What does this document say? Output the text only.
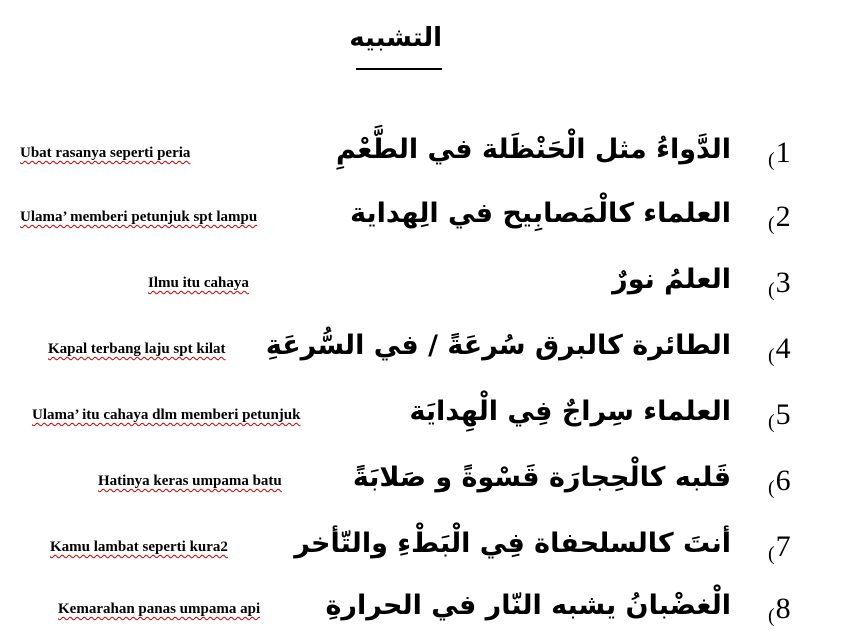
التشبيه
(1
الدَّواءُ مثل الْحَنْظَلة في الطَّعْمِ
Ubat rasanya seperti peria
(2
العلماء كالْمَصابِيح في الِهداية
Ulama’ memberi petunjuk spt lampu
(3
العلمُ نورٌ
Ilmu itu cahaya
(4
الطائرة كالبرق سُرعَةً / في السُّرعَةِ
Kapal terbang laju spt kilat
(5
العلماء سِراجٌ فِي الْهِدايَة
Ulama’ itu cahaya dlm memberi petunjuk
(6
قَلبه كالْحِجارَة قَسْوةً و صَلابَةً
Hatinya keras umpama batu
(7
أنتَ كالسلحفاة فِي الْبَطْءِ والتّأخر
Kamu lambat seperti kura2
(8
الْغضْبانُ يشبه النّار في الحرارةِ
Kemarahan panas umpama api
